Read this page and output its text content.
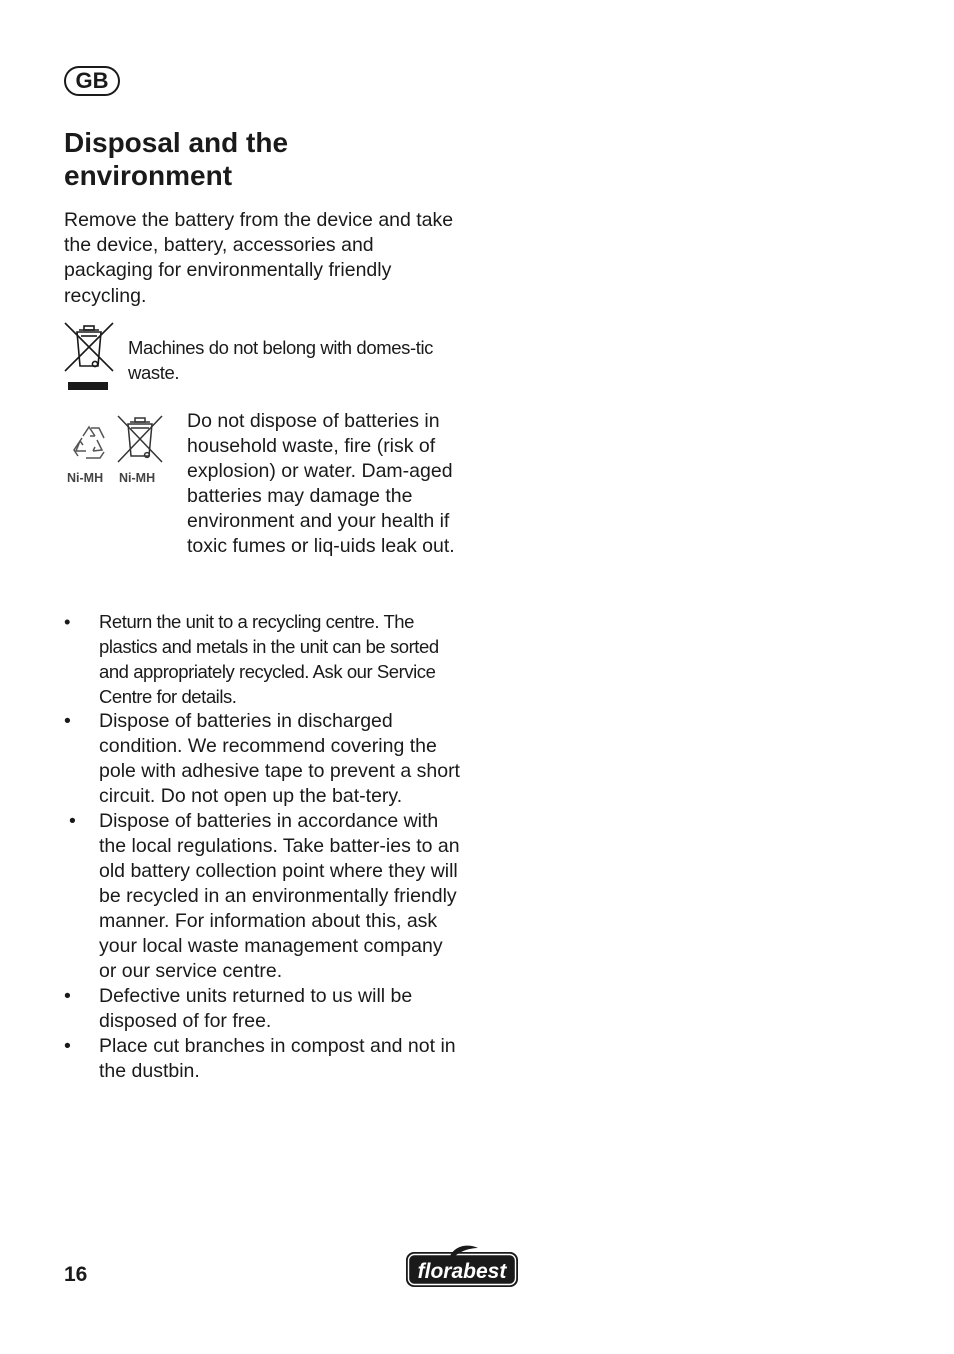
GB
Disposal and the environment

Remove the battery from the device and take the device, battery, accessories and packaging for environmentally friendly recycling.

Machines do not belong with domes-tic waste.

Ni-MH Ni-MH

Do not dispose of batteries in household waste, fire (risk of explosion) or water. Dam-aged batteries may damage the environment and your health if toxic fumes or liq-uids leak out.

• Return the unit to a recycling centre. The plastics and metals in the unit can be sorted and appropriately recycled. Ask our Service Centre for details.
• Dispose of batteries in discharged condition. We recommend covering the pole with adhesive tape to prevent a short circuit. Do not open up the bat-tery.
• Dispose of batteries in accordance with the local regulations. Take batter-ies to an old battery collection point where they will be recycled in an environmentally friendly manner. For information about this, ask your local waste management company or our service centre.
• Defective units returned to us will be disposed of for free.
• Place cut branches in compost and not in the dustbin.
16	florabest
